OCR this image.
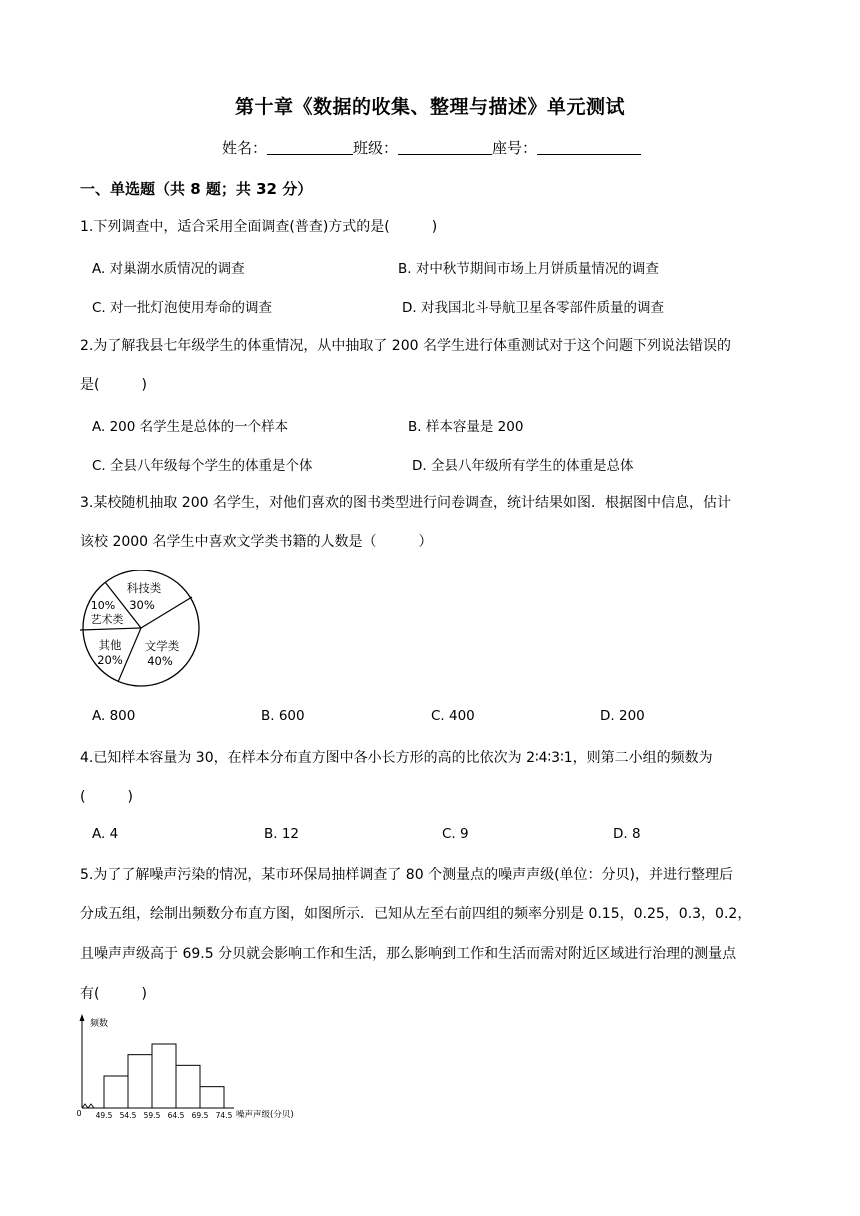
第十章《数据的收集、整理与描述》单元测试
姓名：	班级：	座号：
一、单选题（共 8 题；共 32 分）
1.下列调查中，适合采用全面调查(普查)方式的是(　　　)
A. 对巢湖水质情况的调查	B. 对中秋节期间市场上月饼质量情况的调查
C. 对一批灯泡使用寿命的调查	D. 对我国北斗导航卫星各零部件质量的调查
2.为了解我县七年级学生的体重情况，从中抽取了 200 名学生进行体重测试对于这个问题下列说法错误的
是(　　　)
A. 200 名学生是总体的一个样本	B. 样本容量是 200
C. 全县八年级每个学生的体重是个体	D. 全县八年级所有学生的体重是总体
3.某校随机抽取 200 名学生，对他们喜欢的图书类型进行问卷调查，统计结果如图．根据图中信息，估计
该校 2000 名学生中喜欢文学类书籍的人数是（　　　）
科技类
30%
10%
艺术类
其他
20%
文学类
40%
A. 800	B. 600	C. 400	D. 200
4.已知样本容量为 30，在样本分布直方图中各小长方形的高的比依次为 2∶4∶3∶1，则第二小组的频数为
(　　　)
A. 4	B. 12	C. 9	D. 8
5.为了了解噪声污染的情况，某市环保局抽样调查了 80 个测量点的噪声声级(单位：分贝)，并进行整理后
分成五组，绘制出频数分布直方图，如图所示．已知从左至右前四组的频率分别是 0.15，0.25，0.3，0.2，
且噪声声级高于 69.5 分贝就会影响工作和生活，那么影响到工作和生活而需对附近区域进行治理的测量点
有(　　　)
频数
0 49.5 54.5 59.5 64.5 69.5 74.5 噪声声级(分贝)
